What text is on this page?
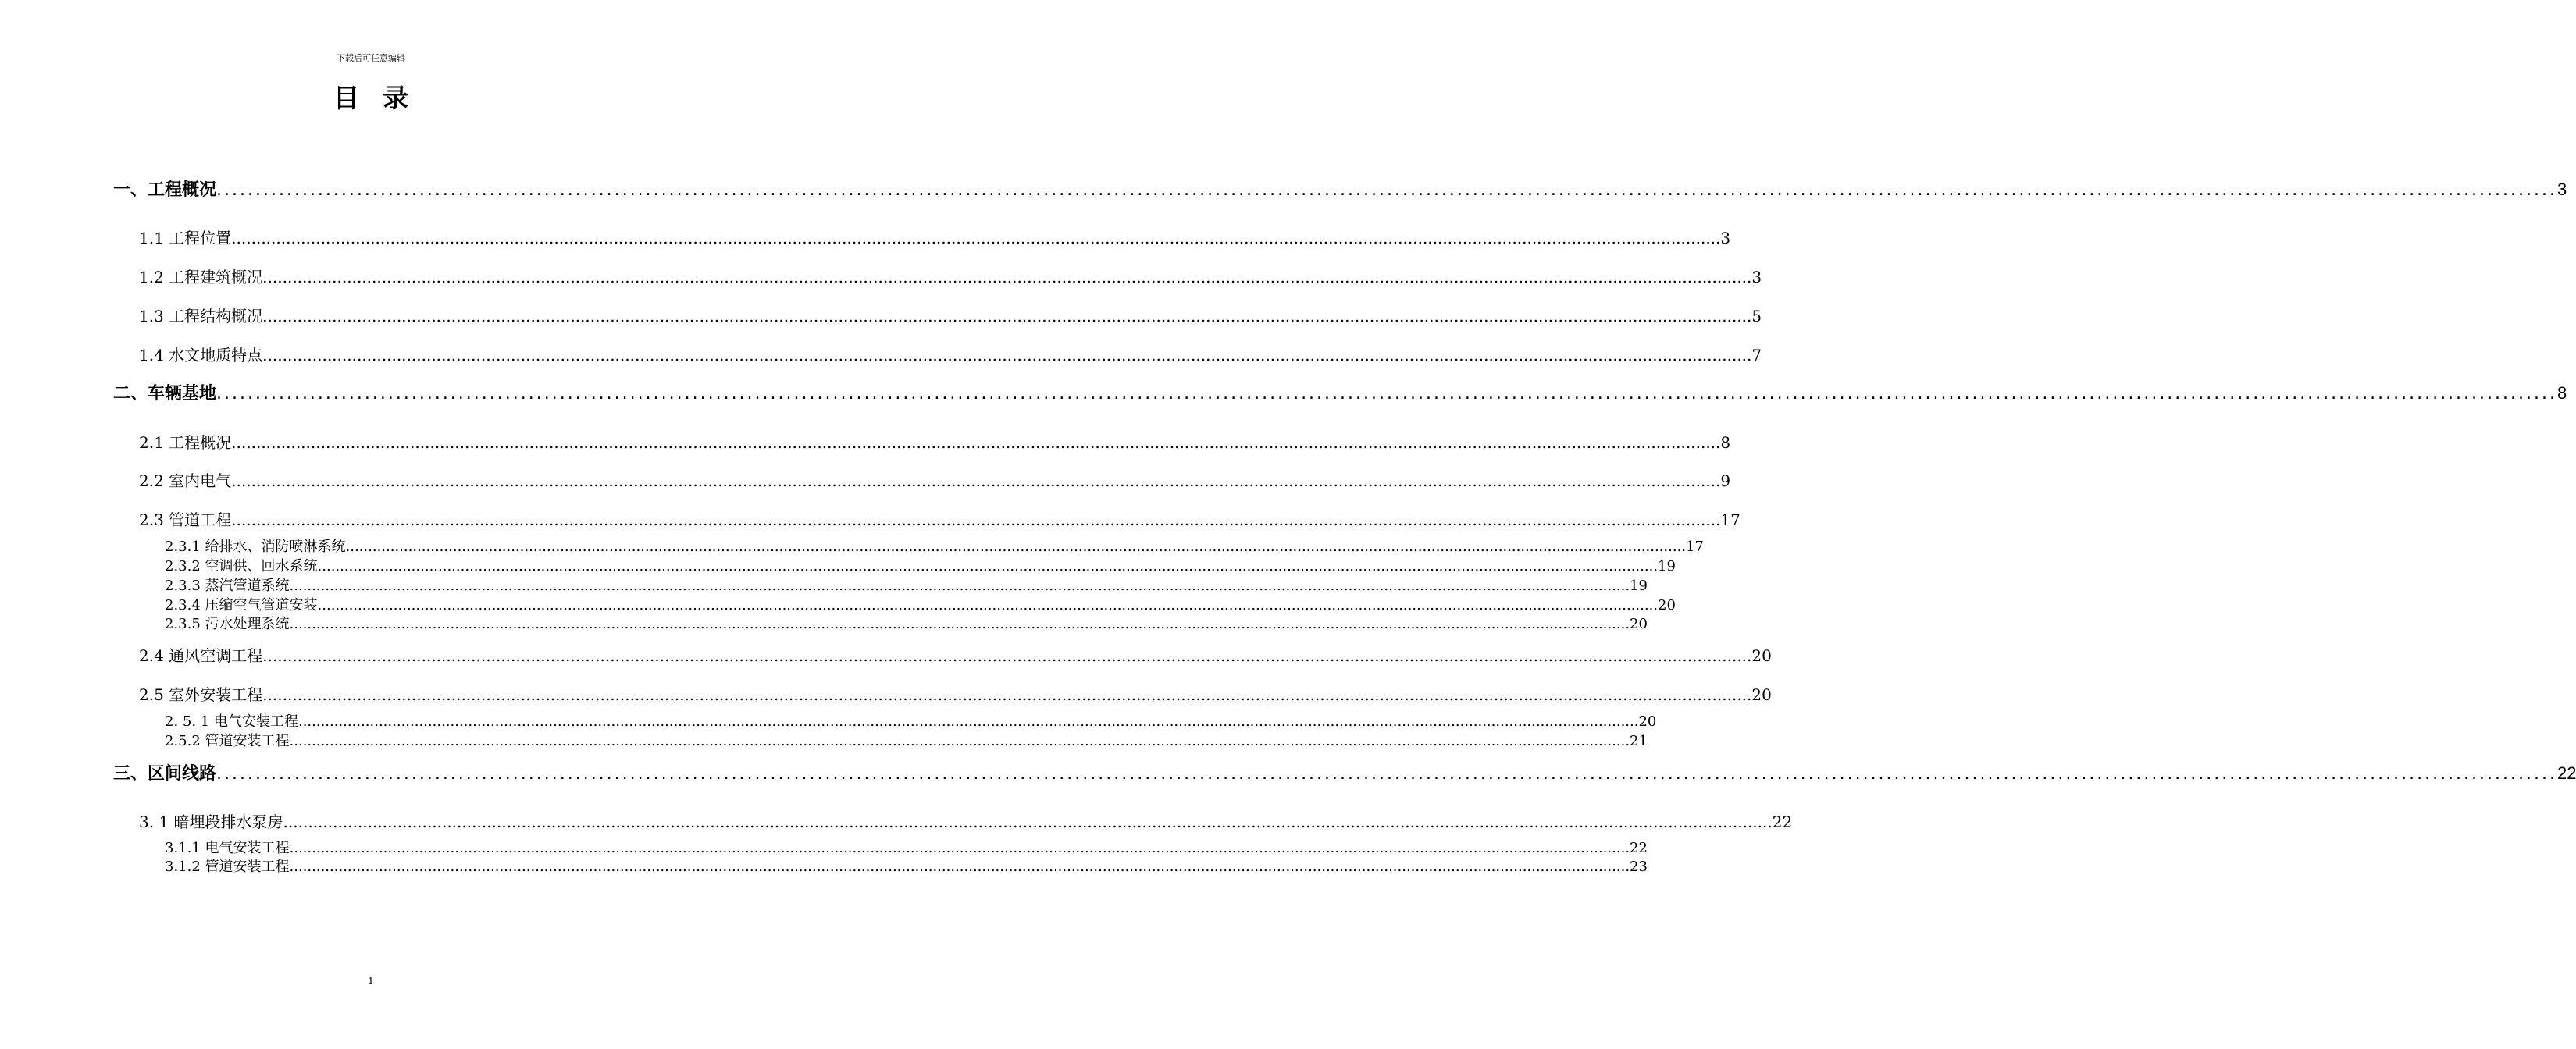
下载后可任意编辑
目录
一、工程概况 ............................................................................................................................................................................................................................................................................................................ 3
1.1 工程位置 ............................................................................................................................................................................................................................................................................................................ 3
1.2 工程建筑概况 ............................................................................................................................................................................................................................................................................................................ 3
1.3 工程结构概况 ............................................................................................................................................................................................................................................................................................................ 5
1.4 水文地质特点 ............................................................................................................................................................................................................................................................................................................ 7
二、车辆基地 ............................................................................................................................................................................................................................................................................................................ 8
2.1 工程概况 ............................................................................................................................................................................................................................................................................................................ 8
2.2 室内电气 ............................................................................................................................................................................................................................................................................................................ 9
2.3 管道工程 ............................................................................................................................................................................................................................................................................................................ 17
2.3.1 给排水、消防喷淋系统 ............................................................................................................................................................................................................................................................................................................ 17
2.3.2 空调供、回水系统 ............................................................................................................................................................................................................................................................................................................ 19
2.3.3 蒸汽管道系统 ............................................................................................................................................................................................................................................................................................................ 19
2.3.4 压缩空气管道安装 ............................................................................................................................................................................................................................................................................................................ 20
2.3.5 污水处理系统 ............................................................................................................................................................................................................................................................................................................ 20
2.4 通风空调工程 ............................................................................................................................................................................................................................................................................................................ 20
2.5 室外安装工程 ............................................................................................................................................................................................................................................................................................................ 20
2. 5. 1 电气安装工程 ............................................................................................................................................................................................................................................................................................................ 20
2.5.2 管道安装工程 ............................................................................................................................................................................................................................................................................................................ 21
三、区间线路 ............................................................................................................................................................................................................................................................................................................ 22
3. 1 暗埋段排水泵房 ............................................................................................................................................................................................................................................................................................................ 22
3.1.1 电气安装工程 ............................................................................................................................................................................................................................................................................................................ 22
3.1.2 管道安装工程 ............................................................................................................................................................................................................................................................................................................ 23
1
